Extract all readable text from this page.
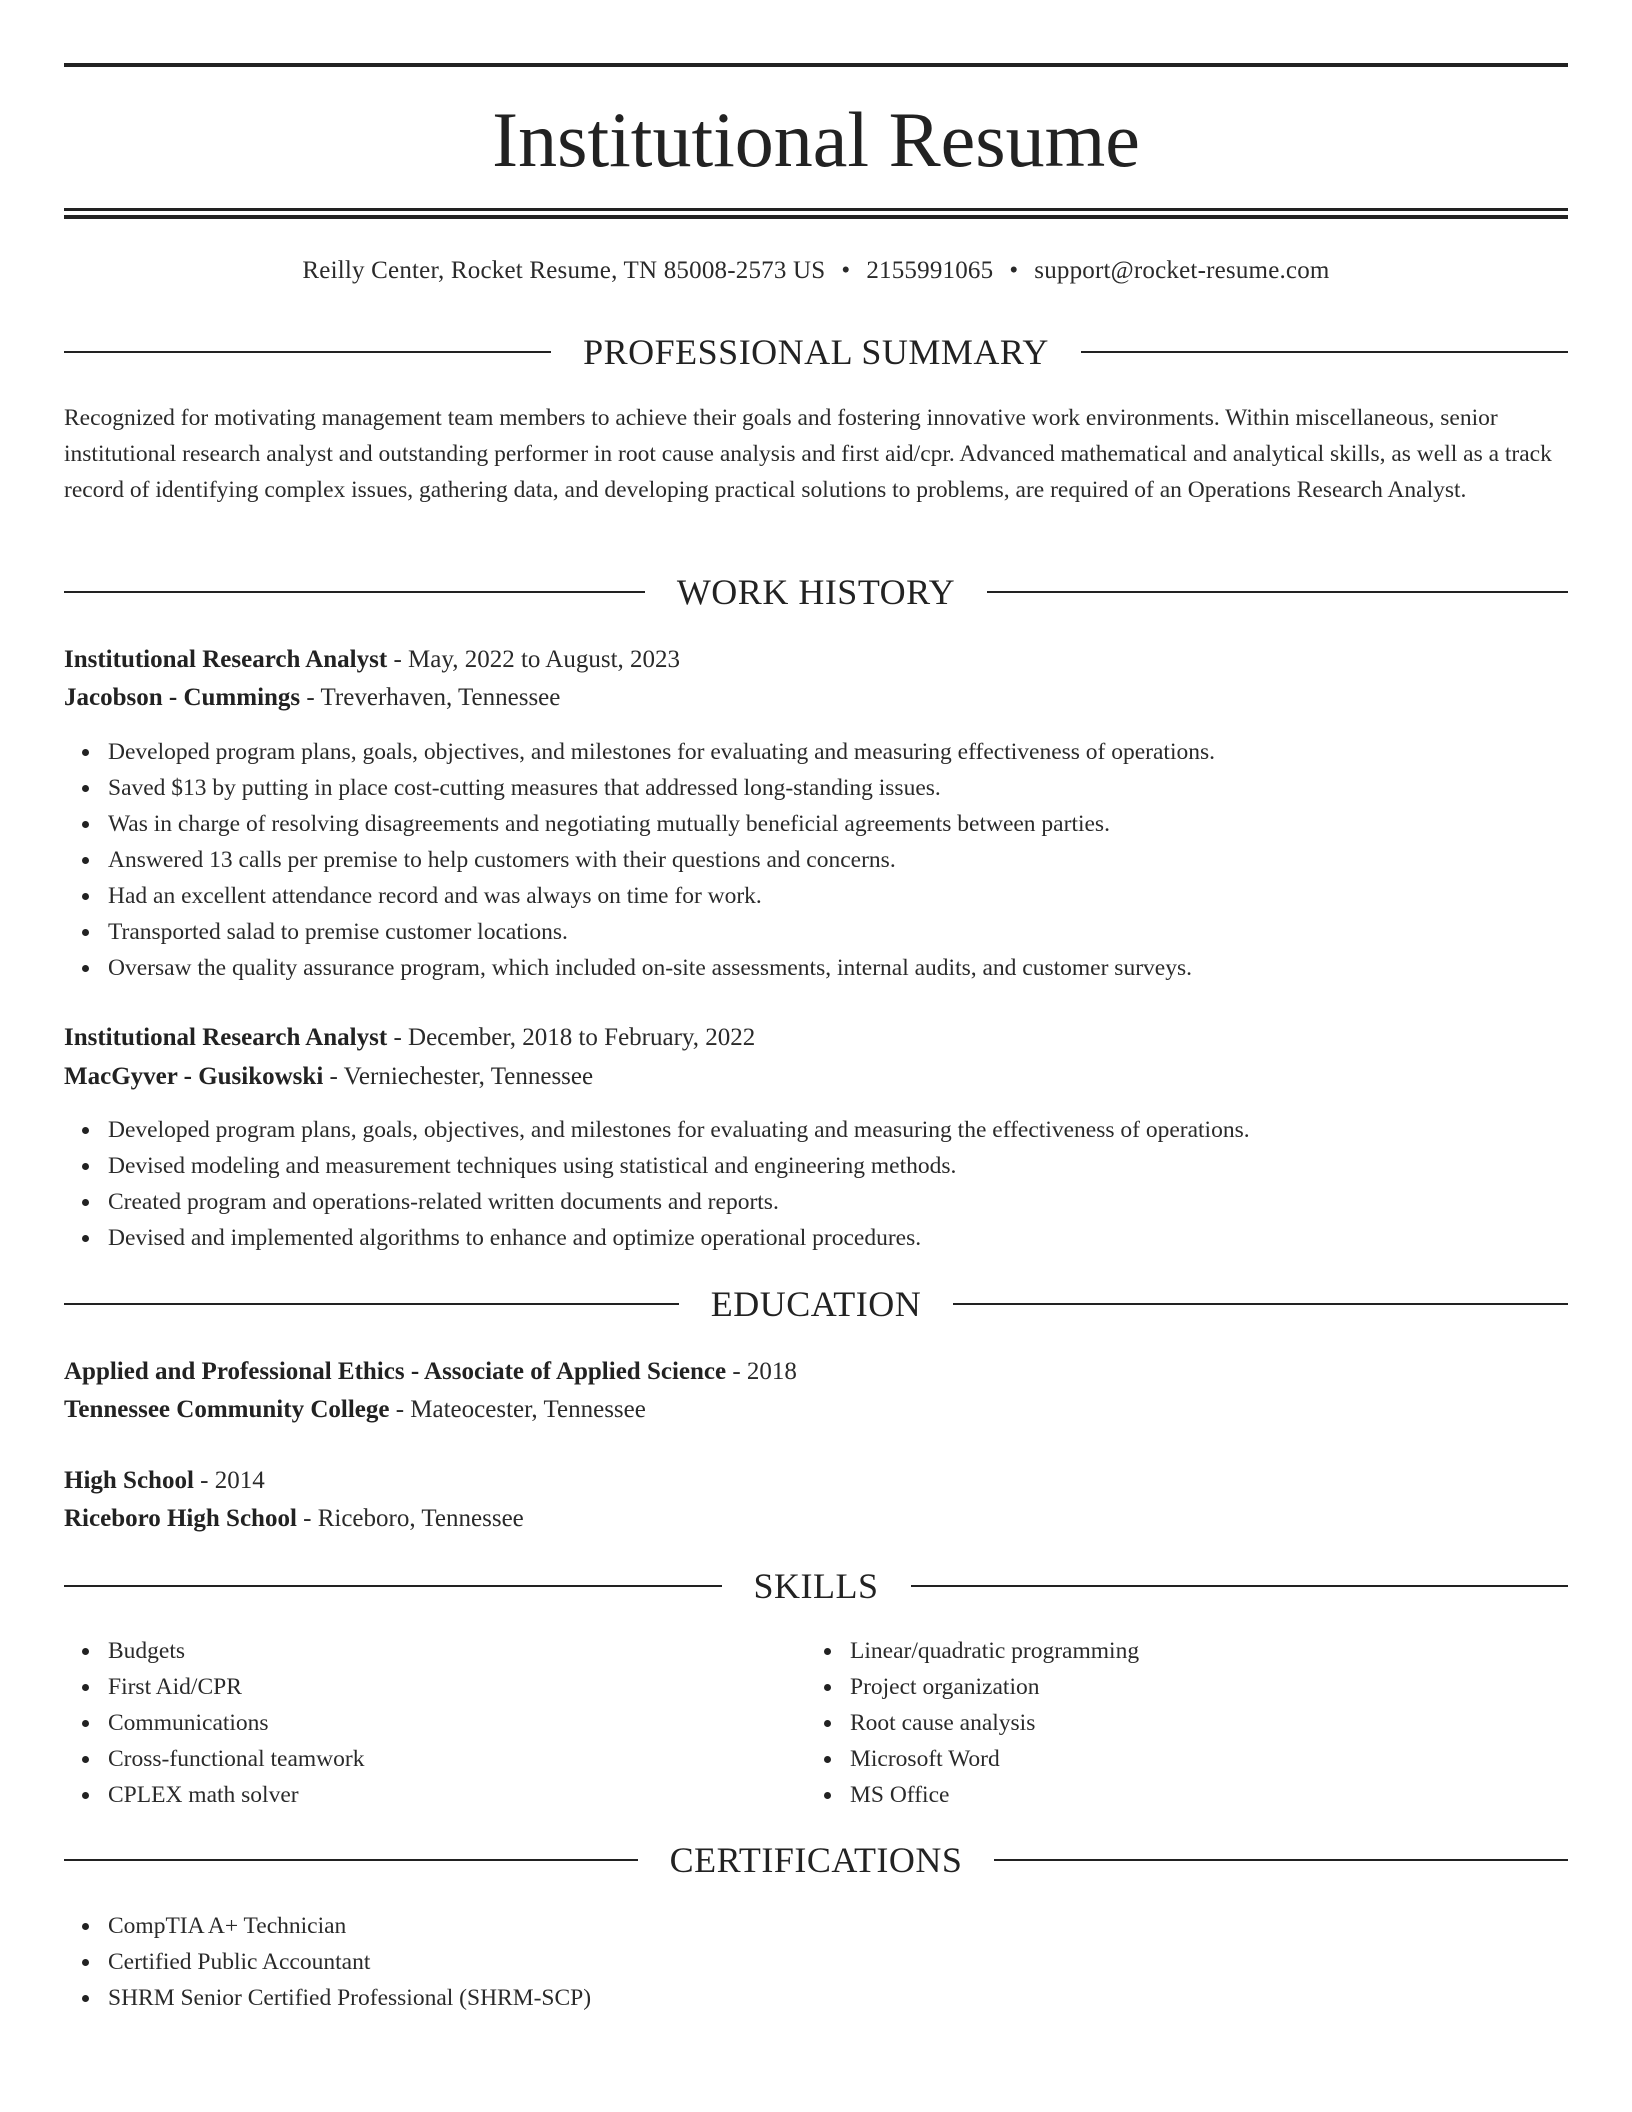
Institutional Resume
Reilly Center, Rocket Resume, TN 85008-2573 US • 2155991065 • support@rocket-resume.com
PROFESSIONAL SUMMARY
Recognized for motivating management team members to achieve their goals and fostering innovative work environments. Within miscellaneous, senior institutional research analyst and outstanding performer in root cause analysis and first aid/cpr. Advanced mathematical and analytical skills, as well as a track record of identifying complex issues, gathering data, and developing practical solutions to problems, are required of an Operations Research Analyst.
WORK HISTORY
Institutional Research Analyst - May, 2022 to August, 2023
Jacobson - Cummings - Treverhaven, Tennessee
Developed program plans, goals, objectives, and milestones for evaluating and measuring effectiveness of operations.
Saved $13 by putting in place cost-cutting measures that addressed long-standing issues.
Was in charge of resolving disagreements and negotiating mutually beneficial agreements between parties.
Answered 13 calls per premise to help customers with their questions and concerns.
Had an excellent attendance record and was always on time for work.
Transported salad to premise customer locations.
Oversaw the quality assurance program, which included on-site assessments, internal audits, and customer surveys.
Institutional Research Analyst - December, 2018 to February, 2022
MacGyver - Gusikowski - Verniechester, Tennessee
Developed program plans, goals, objectives, and milestones for evaluating and measuring the effectiveness of operations.
Devised modeling and measurement techniques using statistical and engineering methods.
Created program and operations-related written documents and reports.
Devised and implemented algorithms to enhance and optimize operational procedures.
EDUCATION
Applied and Professional Ethics - Associate of Applied Science - 2018
Tennessee Community College - Mateocester, Tennessee
High School - 2014
Riceboro High School - Riceboro, Tennessee
SKILLS
Budgets
First Aid/CPR
Communications
Cross-functional teamwork
CPLEX math solver
Linear/quadratic programming
Project organization
Root cause analysis
Microsoft Word
MS Office
CERTIFICATIONS
CompTIA A+ Technician
Certified Public Accountant
SHRM Senior Certified Professional (SHRM-SCP)
